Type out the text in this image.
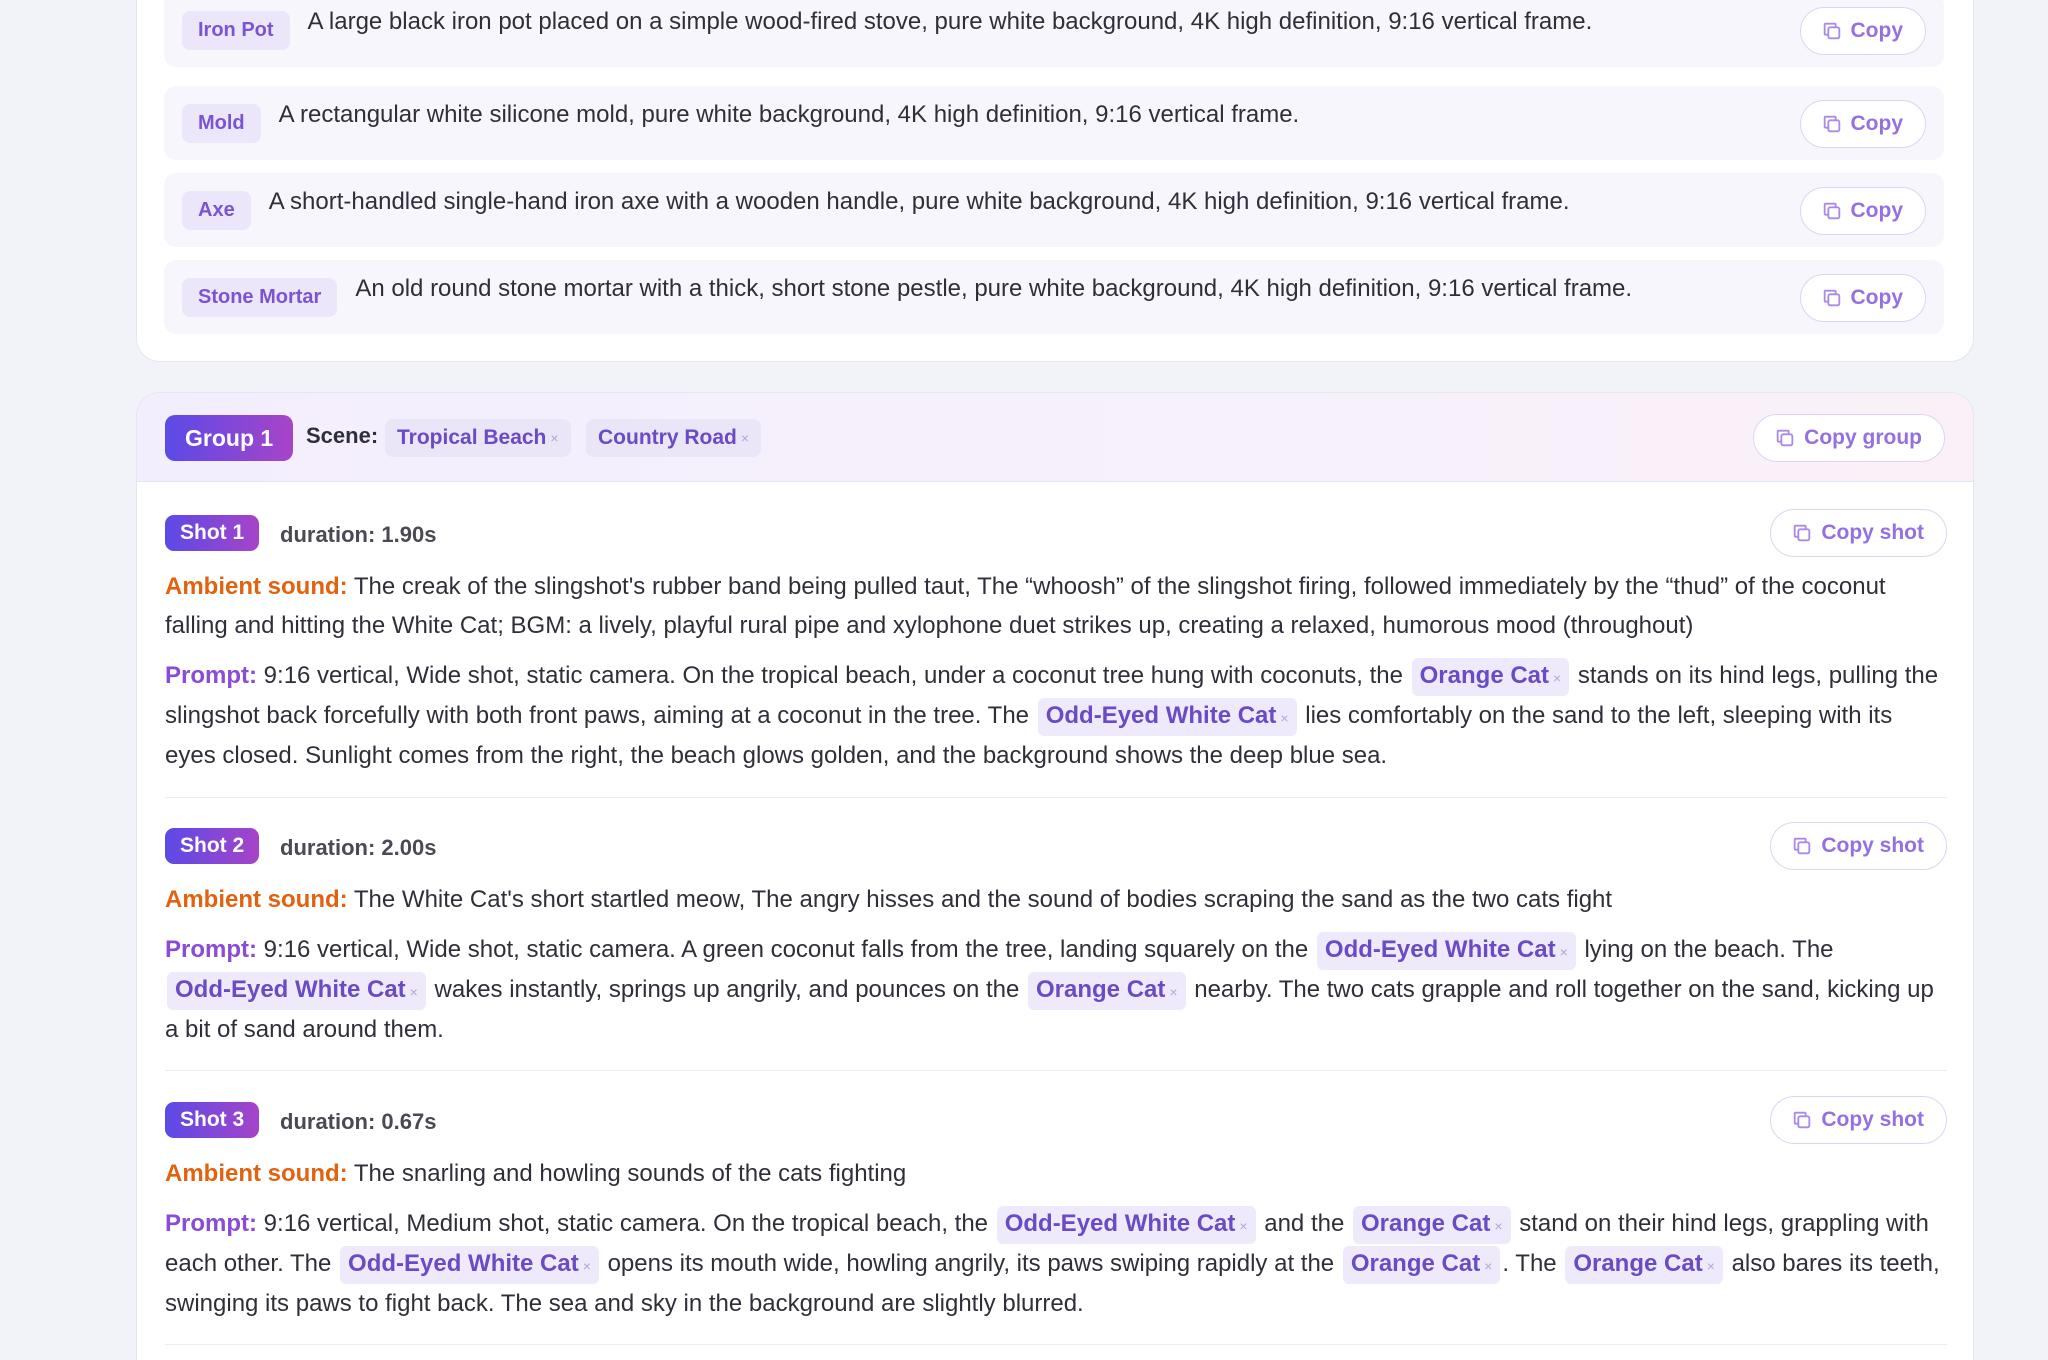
Iron Pot	A large black iron pot placed on a simple wood-fired stove, pure white background, 4K high definition, 9:16 vertical frame.	Copy
Mold	A rectangular white silicone mold, pure white background, 4K high definition, 9:16 vertical frame.	Copy
Axe	A short-handled single-hand iron axe with a wooden handle, pure white background, 4K high definition, 9:16 vertical frame.	Copy
Stone Mortar	An old round stone mortar with a thick, short stone pestle, pure white background, 4K high definition, 9:16 vertical frame.	Copy
Group 1	Scene: Tropical Beach × Country Road ×	Copy group
Shot 1	duration: 1.90s	Copy shot

Ambient sound: The creak of the slingshot's rubber band being pulled taut, The “whoosh” of the slingshot firing, followed immediately by the “thud” of the coconut falling and hitting the White Cat; BGM: a lively, playful rural pipe and xylophone duet strikes up, creating a relaxed, humorous mood (throughout)

Prompt: 9:16 vertical, Wide shot, static camera. On the tropical beach, under a coconut tree hung with coconuts, the Orange Cat × stands on its hind legs, pulling the slingshot back forcefully with both front paws, aiming at a coconut in the tree. The Odd-Eyed White Cat × lies comfortably on the sand to the left, sleeping with its eyes closed. Sunlight comes from the right, the beach glows golden, and the background shows the deep blue sea.

Shot 2	duration: 2.00s	Copy shot

Ambient sound: The White Cat's short startled meow, The angry hisses and the sound of bodies scraping the sand as the two cats fight

Prompt: 9:16 vertical, Wide shot, static camera. A green coconut falls from the tree, landing squarely on the Odd-Eyed White Cat × lying on the beach. The Odd-Eyed White Cat × wakes instantly, springs up angrily, and pounces on the Orange Cat × nearby. The two cats grapple and roll together on the sand, kicking up a bit of sand around them.

Shot 3	duration: 0.67s	Copy shot

Ambient sound: The snarling and howling sounds of the cats fighting

Prompt: 9:16 vertical, Medium shot, static camera. On the tropical beach, the Odd-Eyed White Cat × and the Orange Cat × stand on their hind legs, grappling with each other. The Odd-Eyed White Cat × opens its mouth wide, howling angrily, its paws swiping rapidly at the Orange Cat × . The Orange Cat × also bares its teeth, swinging its paws to fight back. The sea and sky in the background are slightly blurred.
